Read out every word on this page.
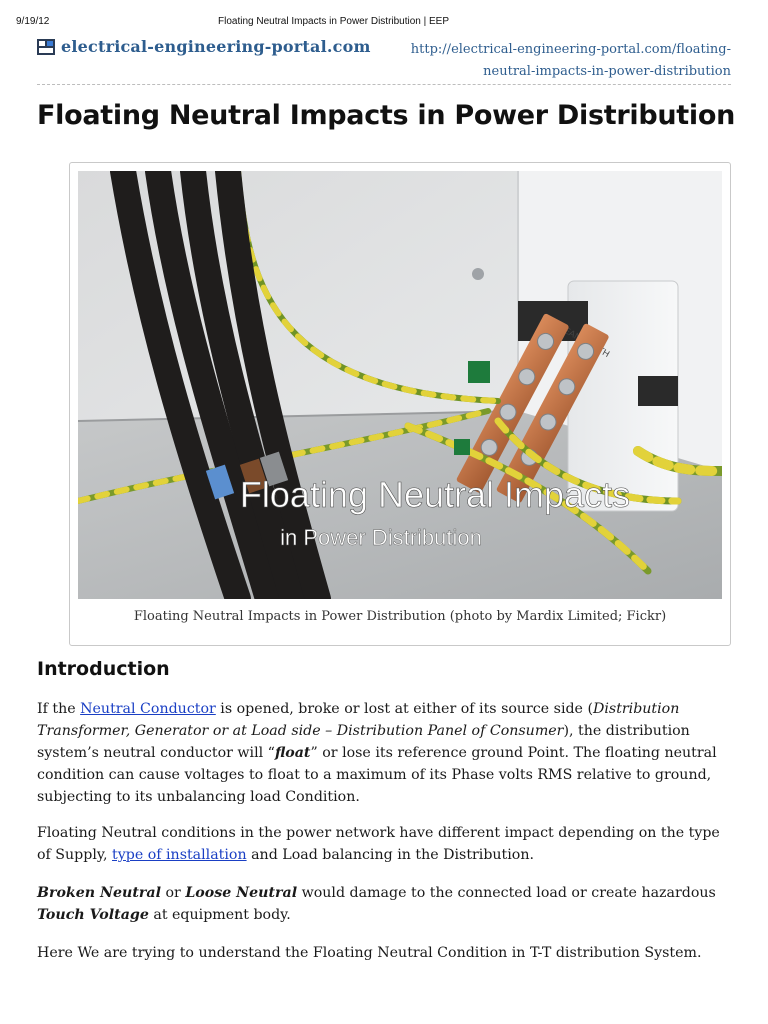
9/19/12	Floating Neutral Impacts in Power Distribution | EEP
electrical-engineering-portal.com	http://electrical-engineering-portal.com/floating-
neutral-impacts-in-power-distribution
Floating Neutral Impacts in Power Distribution
Floating Neutral Impacts
in Power Distribution
Floating Neutral Impacts in Power Distribution (photo by Mardix Limited; Fickr)
Introduction

If the Neutral Conductor is opened, broke or lost at either of its source side (Distribution Transformer, Generator or at Load side – Distribution Panel of Consumer), the distribution system’s neutral conductor will “float” or lose its reference ground Point. The floating neutral condition can cause voltages to float to a maximum of its Phase volts RMS relative to ground, subjecting to its unbalancing load Condition.

Floating Neutral conditions in the power network have different impact depending on the type of Supply, type of installation and Load balancing in the Distribution.

Broken Neutral or Loose Neutral would damage to the connected load or create hazardous Touch Voltage at equipment body.

Here We are trying to understand the Floating Neutral Condition in T-T distribution System.
